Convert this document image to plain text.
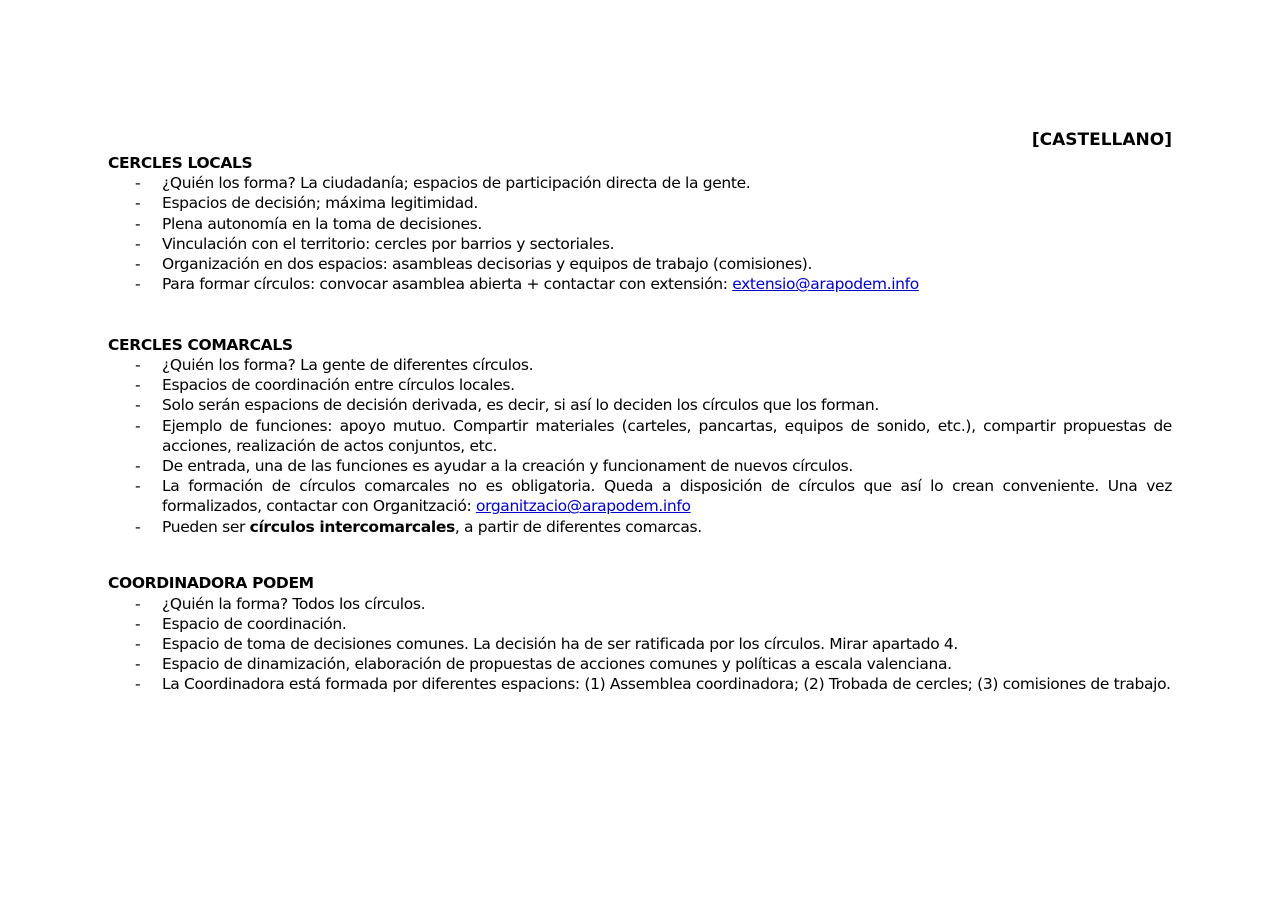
[CASTELLANO]
CERCLES LOCALS
- ¿Quién los forma? La ciudadanía; espacios de participación directa de la gente.
- Espacios de decisión; máxima legitimidad.
- Plena autonomía en la toma de decisiones.
- Vinculación con el territorio: cercles por barrios y sectoriales.
- Organización en dos espacios: asambleas decisorias y equipos de trabajo (comisiones).
- Para formar círculos: convocar asamblea abierta + contactar con extensión: extensio@arapodem.info
CERCLES COMARCALS
- ¿Quién los forma? La gente de diferentes círculos.
- Espacios de coordinación entre círculos locales.
- Solo serán espacions de decisión derivada, es decir, si así lo deciden los círculos que los forman.
- Ejemplo de funciones: apoyo mutuo. Compartir materiales (carteles, pancartas, equipos de sonido, etc.), compartir propuestas de acciones, realización de actos conjuntos, etc.
- De entrada, una de las funciones es ayudar a la creación y funcionament de nuevos círculos.
- La formación de círculos comarcales no es obligatoria. Queda a disposición de círculos que así lo crean conveniente. Una vez formalizados, contactar con Organització: organitzacio@arapodem.info
- Pueden ser círculos intercomarcales, a partir de diferentes comarcas.
COORDINADORA PODEM
- ¿Quién la forma? Todos los círculos.
- Espacio de coordinación.
- Espacio de toma de decisiones comunes. La decisión ha de ser ratificada por los círculos. Mirar apartado 4.
- Espacio de dinamización, elaboración de propuestas de acciones comunes y políticas a escala valenciana.
- La Coordinadora está formada por diferentes espacions: (1) Assemblea coordinadora; (2) Trobada de cercles; (3) comisiones de trabajo.
